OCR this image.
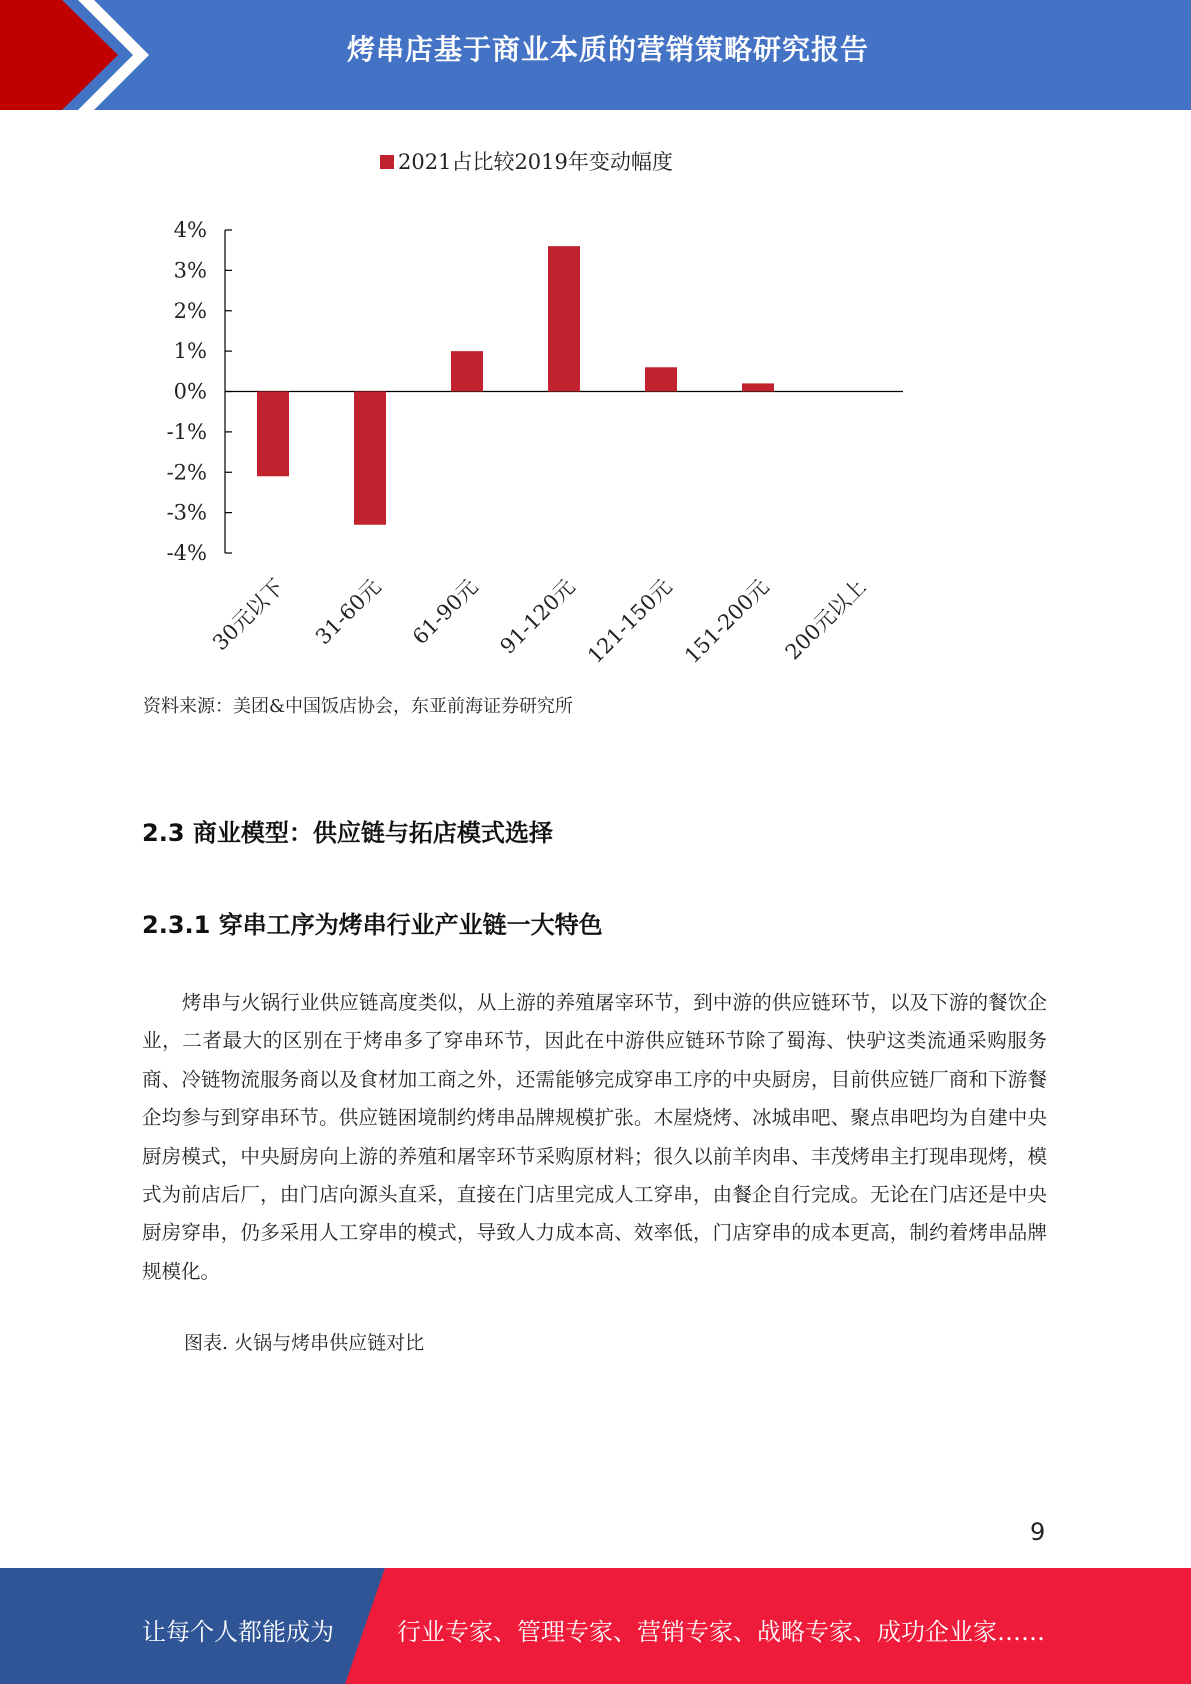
烤串店基于商业本质的营销策略研究报告
2021占比较2019年变动幅度
4%
3%
2%
1%
0%
-1%
-2%
-3%
-4%
30元以下 31-60元 61-90元 91-120元 121-150元 151-200元 200元以上
资料来源：美团&中国饭店协会，东亚前海证券研究所
2.3 商业模型：供应链与拓店模式选择
2.3.1 穿串工序为烤串行业产业链一大特色

烤串与火锅行业供应链高度类似，从上游的养殖屠宰环节，到中游的供应链环节，以及下游的餐饮企业，二者最大的区别在于烤串多了穿串环节，因此在中游供应链环节除了蜀海、快驴这类流通采购服务商、冷链物流服务商以及食材加工商之外，还需能够完成穿串工序的中央厨房，目前供应链厂商和下游餐企均参与到穿串环节。供应链困境制约烤串品牌规模扩张。木屋烧烤、冰城串吧、聚点串吧均为自建中央厨房模式，中央厨房向上游的养殖和屠宰环节采购原材料；很久以前羊肉串、丰茂烤串主打现串现烤，模式为前店后厂，由门店向源头直采，直接在门店里完成人工穿串，由餐企自行完成。无论在门店还是中央厨房穿串，仍多采用人工穿串的模式，导致人力成本高、效率低，门店穿串的成本更高，制约着烤串品牌规模化。

图表. 火锅与烤串供应链对比
9
让每个人都能成为	行业专家、管理专家、营销专家、战略专家、成功企业家……
